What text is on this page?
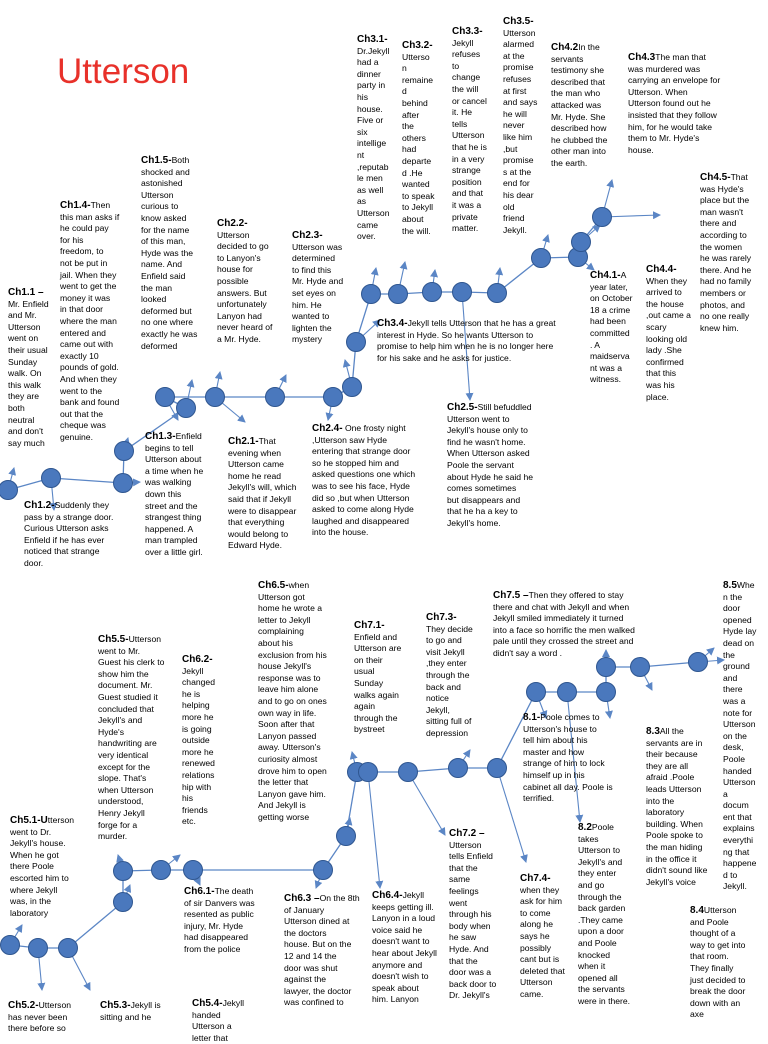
Utterson
Ch1.1 –
Mr. Enfield
and Mr.
Utterson
went on
their usual
Sunday
walk. On
this walk
they are
both
neutral
and don't
say much
Ch1.2-Suddenly they
pass by a strange door.
Curious Utterson asks
Enfield if he has ever
noticed that strange
door.
Ch1.3-Enfield
begins to tell
Utterson about
a time when he
was walking
down this
street and the
strangest thing
happened. A
man trampled
over a little girl.
Ch1.4-Then
this man asks if
he could pay
for his
freedom, to
not be put in
jail. When they
went to get the
money it was
in that door
where the man
entered and
came out with
exactly 10
pounds of gold.
And when they
went to the
bank and found
out that the
cheque was
genuine.
Ch1.5-Both
shocked and
astonished
Utterson
curious to
know asked
for the name
of this man,
Hyde was the
name. And
Enfield said
the man
looked
deformed but
no one where
exactly he was
deformed
Ch2.1-That
evening when
Utterson came
home he read
Jekyll's will, which
said that if Jekyll
were to disappear
that everything
would belong to
Edward Hyde.
Ch2.2-
Utterson
decided to go
to Lanyon's
house for
possible
answers. But
unfortunately
Lanyon had
never heard of
a Mr. Hyde.
Ch2.3-
Utterson was
determined
to find this
Mr. Hyde and
set eyes on
him. He
wanted to
lighten the
mystery
Ch2.4- One frosty night
,Utterson saw Hyde
entering that strange door
so he stopped him and
asked questions one which
was to see his face, Hyde
did so ,but when Utterson
asked to come along Hyde
laughed and disappeared
into the house.
Ch2.5-Still befuddled
Utterson went to
Jekyll's house only to
find he wasn't home.
When Utterson asked
Poole the servant
about Hyde he said he
comes sometimes
but disappears and
that he ha a key to
Jekyll's home.
Ch3.1-
Dr.Jekyll
had a
dinner
party in
his
house.
Five or
six
intellige
nt
,reputab
le men
as well
as
Utterson
came
over.
Ch3.2-
Utterso
n
remaine
d
behind
after
the
others
had
departe
d .He
wanted
to speak
to Jekyll
about
the will.
Ch3.3-
Jekyll
refuses
to
change
the will
or cancel
it. He
tells
Utterson
that he is
in a very
strange
position
and that
it was a
private
matter.
Ch3.4-Jekyll tells Utterson that he has a great
interest in Hyde. So he wants Utterson to
promise to help him when he is no longer here
for his sake and he asks for justice.
Ch3.5-
Utterson
alarmed
at the
promise
refuses
at first
and says
he will
never
like him
,but
promise
s at the
end for
his dear
old
friend
Jekyll.
Ch4.1-A
year later,
on October
18 a crime
had been
committed
. A
maidserva
nt was a
witness.
Ch4.2In the
servants
testimony she
described that
the man who
attacked was
Mr. Hyde. She
described how
he clubbed the
other man into
the earth.
Ch4.3The man that
was murdered was
carrying an envelope for
Utterson. When
Utterson found out he
insisted that they follow
him, for he would take
them to Mr. Hyde's
house.
Ch4.4-
When they
arrived to
the house
,out came a
scary
looking old
lady .She
confirmed
that this
was his
place.
Ch4.5-That
was Hyde's
place but the
man wasn't
there and
according to
the women
he was rarely
there. And he
had no family
members or
photos, and
no one really
knew him.
Ch5.1-Utterson
went to Dr.
Jekyll's house.
When he got
there Poole
escorted him to
where Jekyll
was, in the
laboratory
Ch5.2-Utterson
has never been
there before so
Ch5.3-Jekyll is
sitting and he
Ch5.4-Jekyll
handed
Utterson a
letter that
Ch5.5-Utterson
went to Mr.
Guest his clerk to
show him the
document. Mr.
Guest studied it
concluded that
Jekyll's and
Hyde's
handwriting are
very identical
except for the
slope. That's
when Utterson
understood,
Henry Jekyll
forge for a
murder.
Ch6.1-The death
of sir Danvers was
resented as public
injury, Mr. Hyde
had disappeared
from the police
Ch6.2-
Jekyll
changed
he is
helping
more he
is going
outside
more he
renewed
relations
hip with
his
friends
etc.
Ch6.3 –On the 8th
of January
Utterson dined at
the doctors
house. But on the
12 and 14 the
door was shut
against the
lawyer, the doctor
was confined to
Ch6.4-Jekyll
keeps getting ill.
Lanyon in a loud
voice said he
doesn't want to
hear about Jekyll
anymore and
doesn't wish to
speak about
him. Lanyon
Ch6.5-when
Utterson got
home he wrote a
letter to Jekyll
complaining
about his
exclusion from his
house Jekyll's
response was to
leave him alone
and to go on ones
own way in life.
Soon after that
Lanyon passed
away. Utterson's
curiosity almost
drove him to open
the letter that
Lanyon gave him.
And Jekyll is
getting worse
Ch7.1-
Enfield and
Utterson are
on their
usual
Sunday
walks again
again
through the
bystreet
Ch7.2 –
Utterson
tells Enfield
that the
same
feelings
went
through his
body when
he saw
Hyde. And
that the
door was a
back door to
Dr. Jekyll's
Ch7.3-
They decide
to go and
visit Jekyll
,they enter
through the
back and
notice
Jekyll,
sitting full of
depression
Ch7.4-
when they
ask for him
to come
along he
says he
possibly
cant but is
deleted that
Utterson
came.
Ch7.5 –Then they offered to stay
there and chat with Jekyll and when
Jekyll smiled immediately it turned
into a face so horrific the men walked
pale until they crossed the street and
didn't say a word .
8.1-Poole comes to
Utterson's house to
tell him about his
master and how
strange of him to lock
himself up in his
cabinet all day. Poole is
terrified.
8.2Poole
takes
Utterson to
Jekyll's and
they enter
and go
through the
back garden
.They came
upon a door
and Poole
knocked
when it
opened all
the servants
were in there.
8.3All the
servants are in
their because
they are all
afraid .Poole
leads Utterson
into the
laboratory
building. When
Poole spoke to
the man hiding
in the office it
didn't sound like
Jekyll's voice
8.4Utterson
and Poole
thought of a
way to get into
that room.
They finally
just decided to
break the door
down with an
axe
8.5Whe
n the
door
opened
Hyde lay
dead on
the
ground
and
there
was a
note for
Utterson
on the
desk,
Poole
handed
Utterson
a
docum
ent that
explains
everythi
ng that
happene
d to
Jekyll.
